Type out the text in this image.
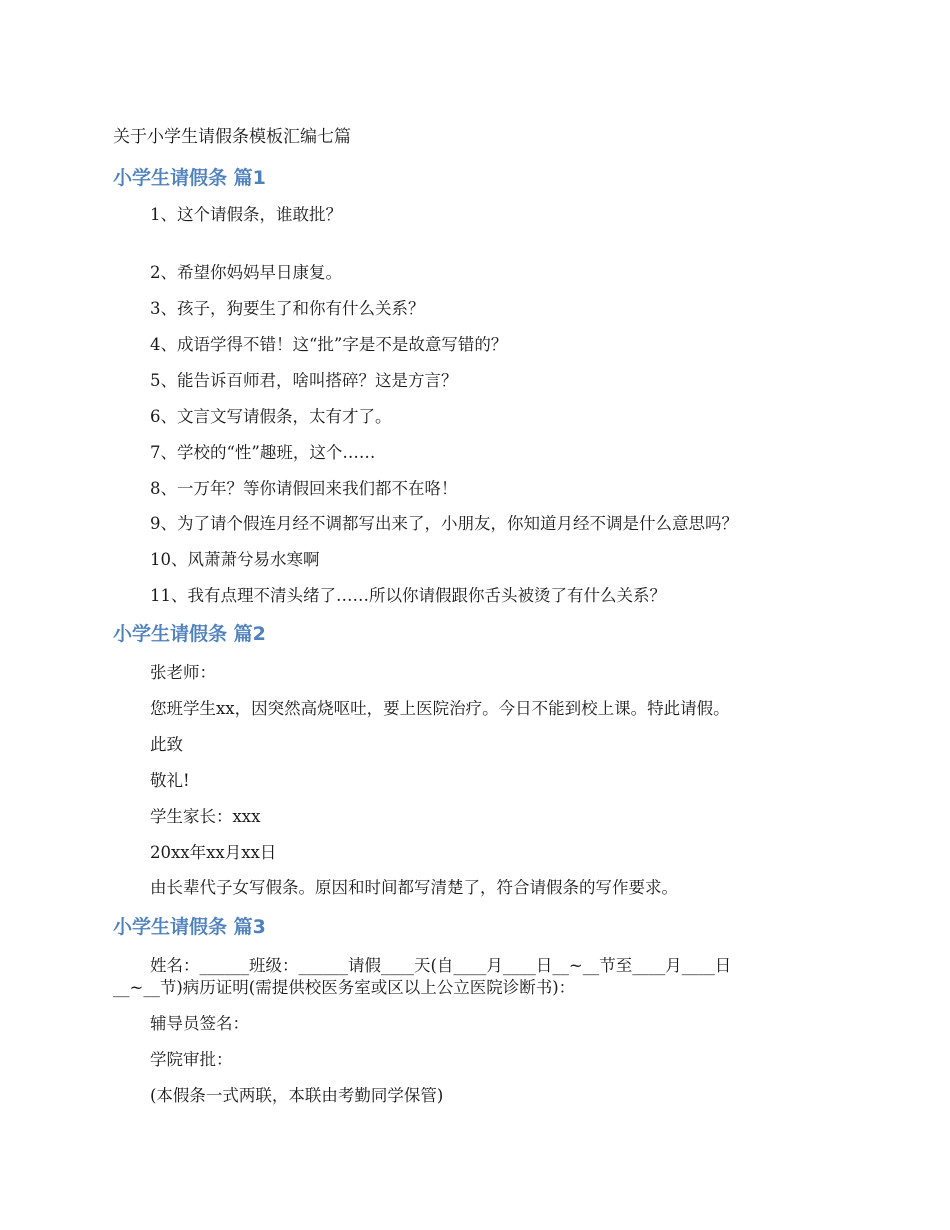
关于小学生请假条模板汇编七篇
小学生请假条 篇1
1、这个请假条，谁敢批？
2、希望你妈妈早日康复。
3、孩子，狗要生了和你有什么关系？
4、成语学得不错！这“批”字是不是故意写错的？
5、能告诉百师君，啥叫搭碎？这是方言？
6、文言文写请假条，太有才了。
7、学校的“性”趣班，这个……
8、一万年？等你请假回来我们都不在咯！
9、为了请个假连月经不调都写出来了，小朋友，你知道月经不调是什么意思吗？
10、风萧萧兮易水寒啊
11、我有点理不清头绪了……所以你请假跟你舌头被烫了有什么关系？
小学生请假条 篇2
张老师：
您班学生xx，因突然高烧呕吐，要上医院治疗。今日不能到校上课。特此请假。
此致
敬礼!
学生家长：xxx
20xx年xx月xx日
由长辈代子女写假条。原因和时间都写清楚了，符合请假条的写作要求。
小学生请假条 篇3
姓名：______班级：______请假____天(自____月____日__~__节至____月____日
__~__节)病历证明(需提供校医务室或区以上公立医院诊断书)：
辅导员签名：
学院审批：
(本假条一式两联，本联由考勤同学保管)
